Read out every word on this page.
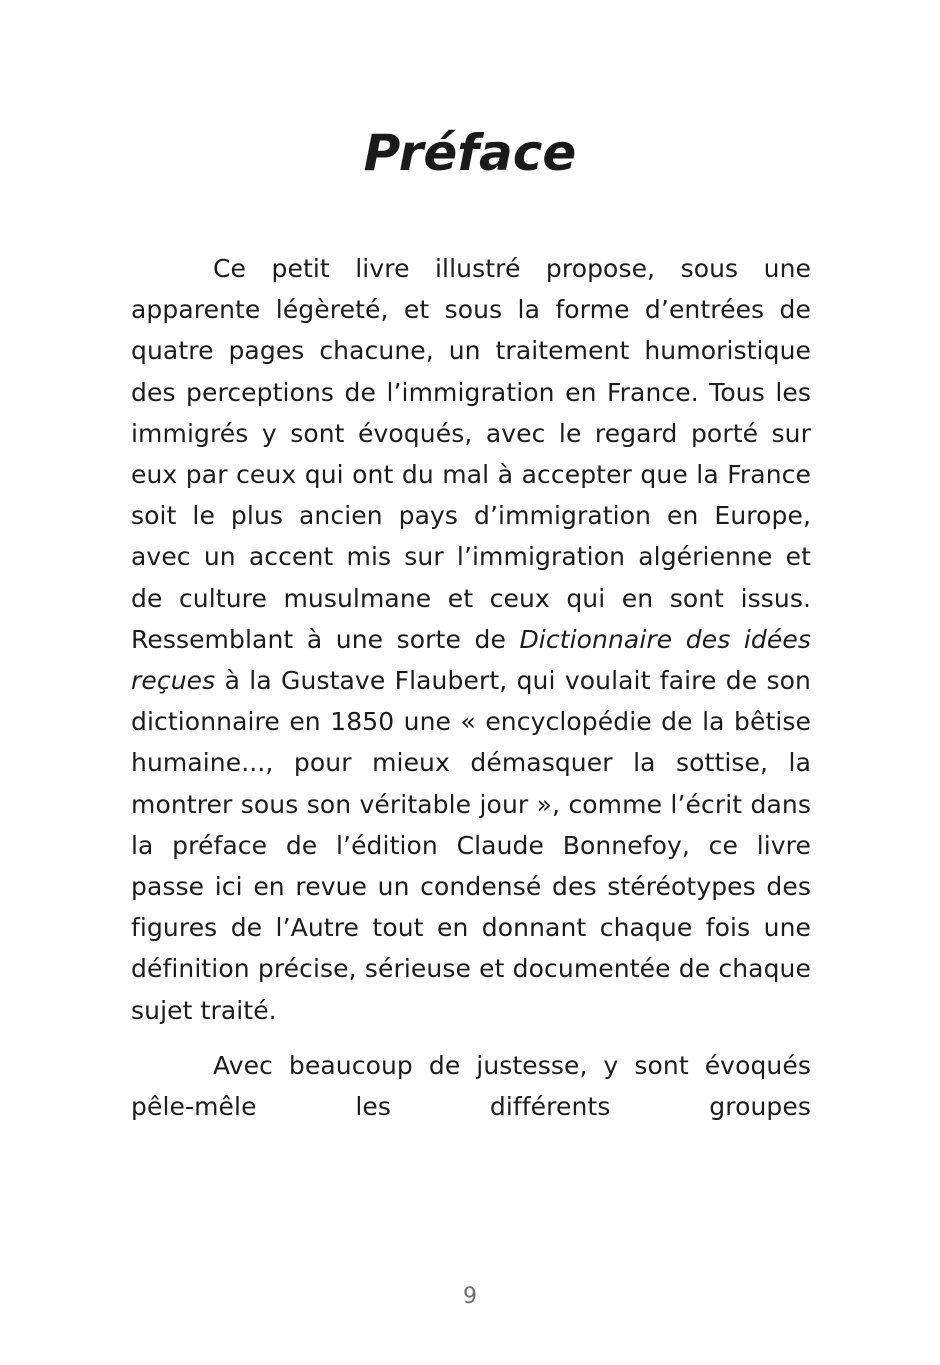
Préface

Ce petit livre illustré propose, sous une apparente légèreté, et sous la forme d’entrées de quatre pages chacune, un traitement humoristique des perceptions de l’immigration en France. Tous les immigrés y sont évoqués, avec le regard porté sur eux par ceux qui ont du mal à accepter que la France soit le plus ancien pays d’immigration en Europe, avec un accent mis sur l’immigration algérienne et de culture musulmane et ceux qui en sont issus. Ressemblant à une sorte de Dictionnaire des idées reçues à la Gustave Flaubert, qui voulait faire de son dictionnaire en 1850 une « encyclopédie de la bêtise humaine..., pour mieux démasquer la sottise, la montrer sous son véritable jour », comme l’écrit dans la préface de l’édition Claude Bonnefoy, ce livre passe ici en revue un condensé des stéréotypes des figures de l’Autre tout en donnant chaque fois une définition précise, sérieuse et documentée de chaque sujet traité.

Avec beaucoup de justesse, y sont évoqués pêle-mêle les différents groupes

9
